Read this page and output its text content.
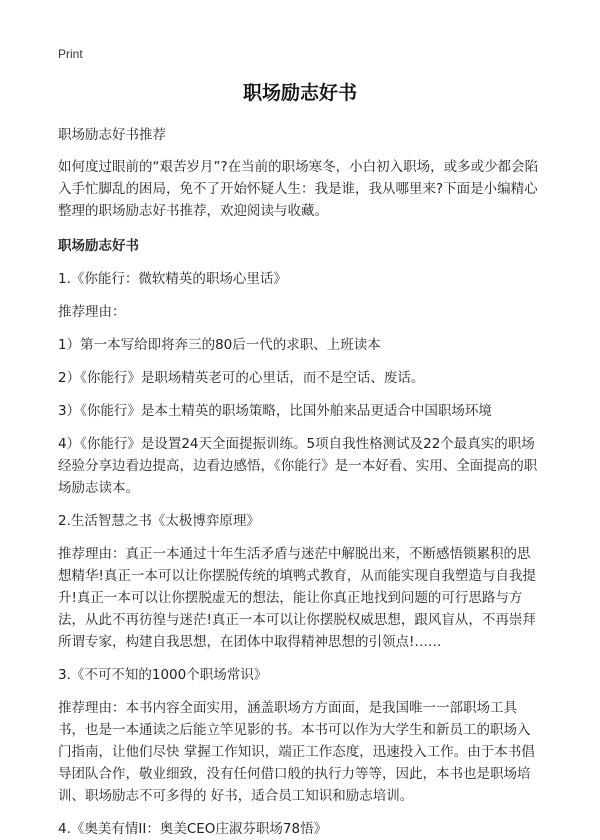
Print
职场励志好书

职场励志好书推荐

如何度过眼前的“艰苦岁月”?在当前的职场寒冬，小白初入职场，或多或少都会陷入手忙脚乱的困局，免不了开始怀疑人生：我是谁，我从哪里来?下面是小编精心整理的职场励志好书推荐，欢迎阅读与收藏。

职场励志好书

1.《你能行：微软精英的职场心里话》

推荐理由：

1）第一本写给即将奔三的80后一代的求职、上班读本

2）《你能行》是职场精英老可的心里话，而不是空话、废话。

3）《你能行》是本土精英的职场策略，比国外舶来品更适合中国职场环境

4）《你能行》是设置24天全面提振训练。5项自我性格测试及22个最真实的职场经验分享边看边提高，边看边感悟，《你能行》是一本好看、实用、全面提高的职场励志读本。

2.生活智慧之书《太极博弈原理》

推荐理由：真正一本通过十年生活矛盾与迷茫中解脱出来，不断感悟锁累积的思想精华!真正一本可以让你摆脱传统的填鸭式教育，从而能实现自我塑造与自我提升!真正一本可以让你摆脱虚无的想法，能让你真正地找到问题的可行思路与方法，从此不再彷徨与迷茫!真正一本可以让你摆脱权威思想，跟风盲从，不再崇拜所谓专家，构建自我思想，在团体中取得精神思想的引领点!……

3.《不可不知的1000个职场常识》

推荐理由：本书内容全面实用，涵盖职场方方面面，是我国唯一一部职场工具书，也是一本通读之后能立竿见影的书。本书可以作为大学生和新员工的职场入门指南，让他们尽快 掌握工作知识，端正工作态度，迅速投入工作。由于本书倡导团队合作，敬业细致，没有任何借口般的执行力等等，因此，本书也是职场培训、职场励志不可多得的 好书，适合员工知识和励志培训。

4.《奥美有情II：奥美CEO庄淑芬职场78悟》
